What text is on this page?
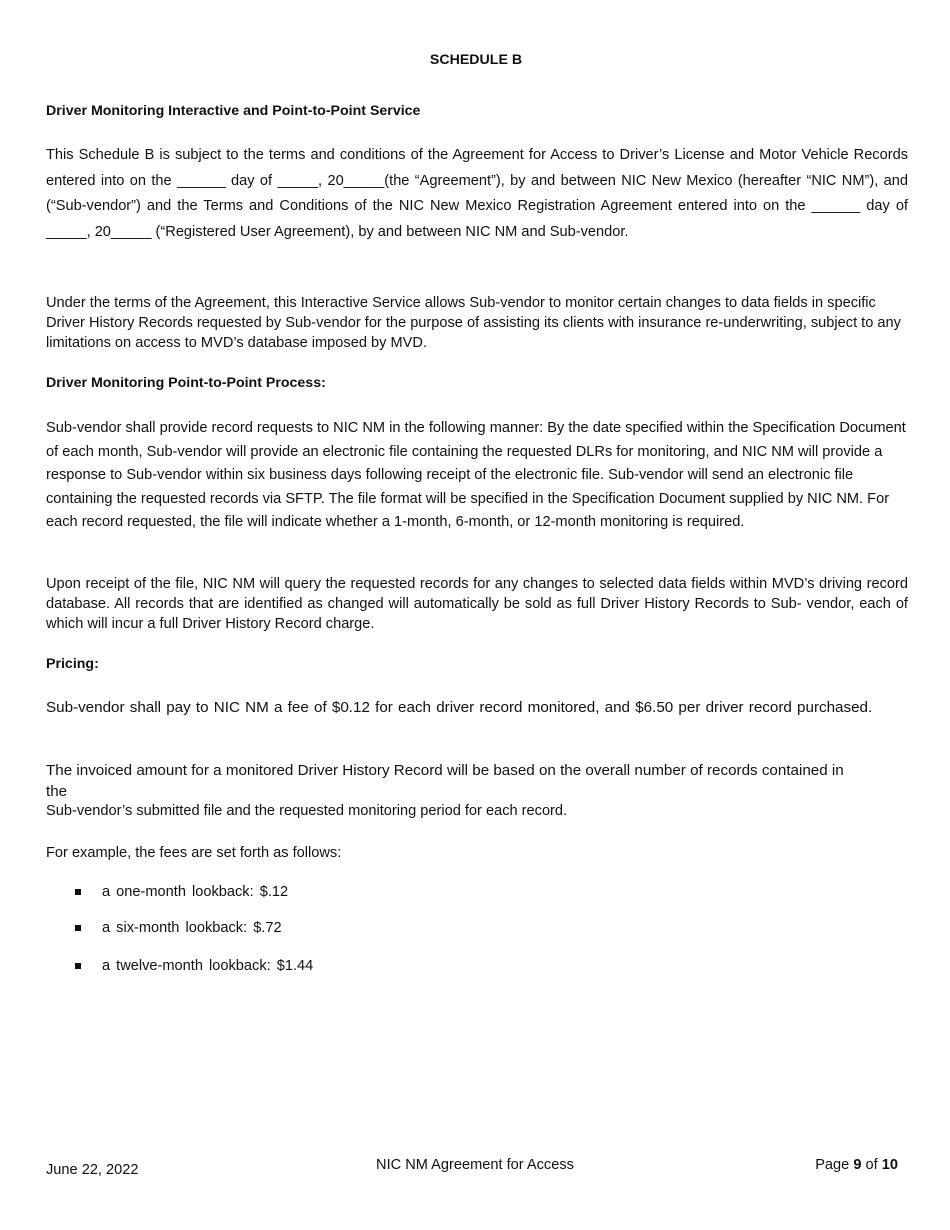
SCHEDULE B

Driver Monitoring Interactive and Point-to-Point Service

This Schedule B is subject to the terms and conditions of the Agreement for Access to Driver’s License and Motor Vehicle Records entered into on the ______ day of _____, 20_____(the “Agreement”), by and between NIC New Mexico (hereafter “NIC NM”), and (“Sub-vendor”) and the Terms and Conditions of the NIC New Mexico Registration Agreement entered into on the ______ day of _____, 20_____ (“Registered User Agreement), by and between NIC NM and Sub-vendor.

Under the terms of the Agreement, this Interactive Service allows Sub-vendor to monitor certain changes to data fields in specific Driver History Records requested by Sub-vendor for the purpose of assisting its clients with insurance re-underwriting, subject to any limitations on access to MVD’s database imposed by MVD.

Driver Monitoring Point-to-Point Process:

Sub-vendor shall provide record requests to NIC NM in the following manner: By the date specified within the Specification Document of each month, Sub-vendor will provide an electronic file containing the requested DLRs for monitoring, and NIC NM will provide a response to Sub-vendor within six business days following receipt of the electronic file. Sub-vendor will send an electronic file containing the requested records via SFTP. The file format will be specified in the Specification Document supplied by NIC NM. For each record requested, the file will indicate whether a 1-month, 6-month, or 12-month monitoring is required.

Upon receipt of the file, NIC NM will query the requested records for any changes to selected data fields within MVD’s driving record database. All records that are identified as changed will automatically be sold as full Driver History Records to Sub- vendor, each of which will incur a full Driver History Record charge.

Pricing:

Sub-vendor shall pay to NIC NM a fee of $0.12 for each driver record monitored, and $6.50 per driver record purchased.

The invoiced amount for a monitored Driver History Record will be based on the overall number of records contained in the

Sub-vendor’s submitted file and the requested monitoring period for each record.

For example, the fees are set forth as follows:

a one-month lookback: $.12
a six-month lookback: $.72
a twelve-month lookback: $1.44

June 22, 2022	NIC NM Agreement for Access	Page 9 of 10
